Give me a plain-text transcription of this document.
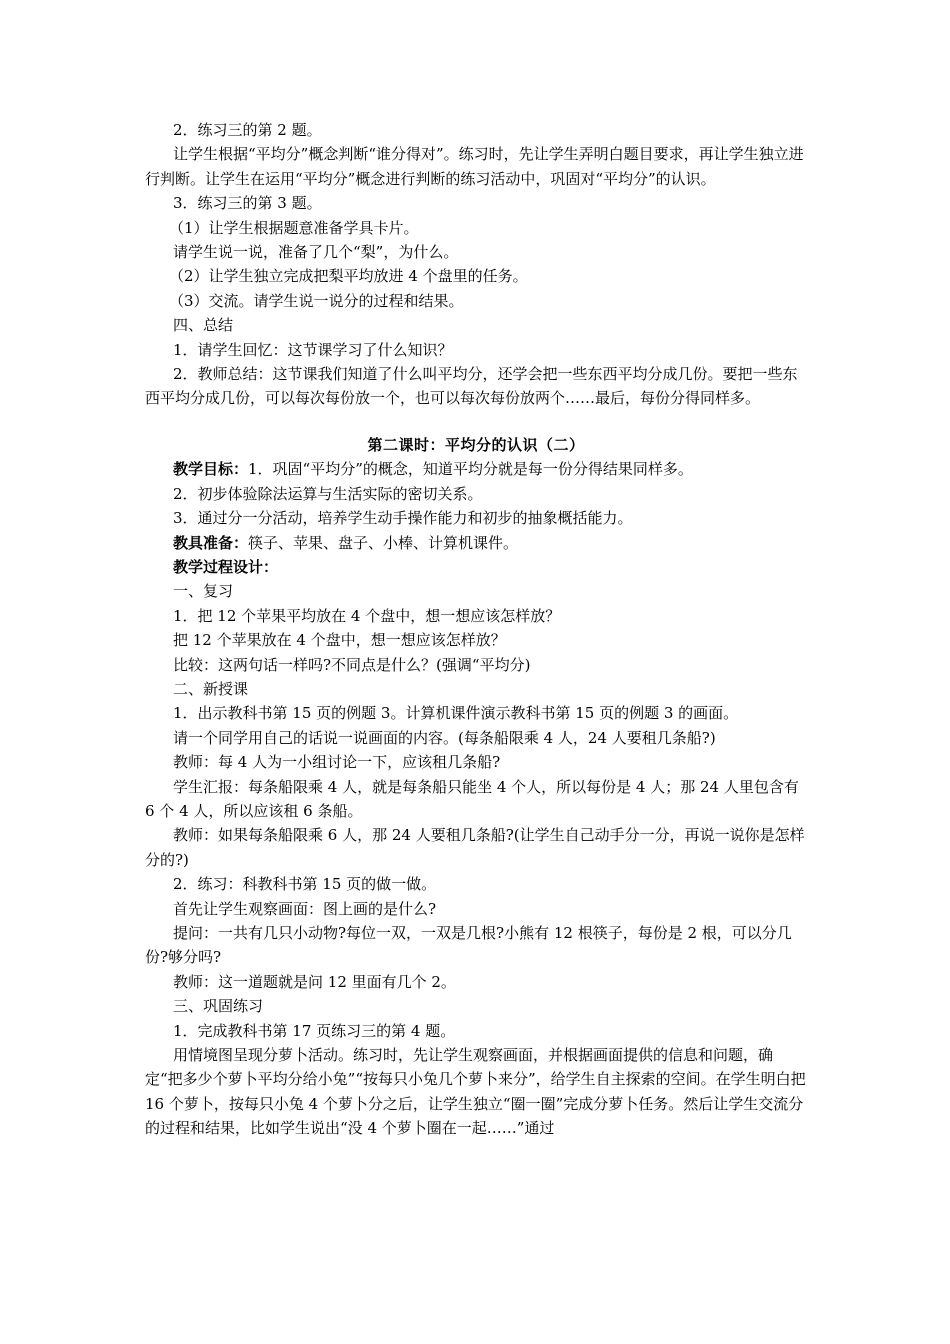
2．练习三的第 2 题。

让学生根据“平均分”概念判断“谁分得对”。练习时，先让学生弄明白题目要求，再让学生独立进行判断。让学生在运用“平均分”概念进行判断的练习活动中，巩固对“平均分”的认识。

3．练习三的第 3 题。

（1）让学生根据题意准备学具卡片。

请学生说一说，准备了几个“梨”，为什么。

（2）让学生独立完成把梨平均放进 4 个盘里的任务。

（3）交流。请学生说一说分的过程和结果。

四、总结

1．请学生回忆：这节课学习了什么知识？

2．教师总结：这节课我们知道了什么叫平均分，还学会把一些东西平均分成几份。要把一些东西平均分成几份，可以每次每份放一个，也可以每次每份放两个……最后，每份分得同样多。

第二课时：平均分的认识（二）

教学目标：1．巩固“平均分”的概念，知道平均分就是每一份分得结果同样多。

2．初步体验除法运算与生活实际的密切关系。

3．通过分一分活动，培养学生动手操作能力和初步的抽象概括能力。

教具准备：筷子、苹果、盘子、小棒、计算机课件。

教学过程设计：

一、复习

1．把 12 个苹果平均放在 4 个盘中，想一想应该怎样放？

把 12 个苹果放在 4 个盘中，想一想应该怎样放？

比较：这两句话一样吗?不同点是什么？(强调“平均分)

二、新授课

1．出示教科书第 15 页的例题 3。计算机课件演示教科书第 15 页的例题 3 的画面。

请一个同学用自己的话说一说画面的内容。(每条船限乘 4 人，24 人要租几条船?)

教师：每 4 人为一小组讨论一下，应该租几条船?

学生汇报：每条船限乘 4 人，就是每条船只能坐 4 个人，所以每份是 4 人；那 24 人里包含有 6 个 4 人，所以应该租 6 条船。

教师：如果每条船限乘 6 人，那 24 人要租几条船?(让学生自己动手分一分，再说一说你是怎样分的?)

2．练习：科教科书第 15 页的做一做。

首先让学生观察画面：图上画的是什么?

提问：一共有几只小动物?每位一双，一双是几根?小熊有 12 根筷子，每份是 2 根，可以分几份?够分吗?

教师：这一道题就是问 12 里面有几个 2。

三、巩固练习

1．完成教科书第 17 页练习三的第 4 题。

用情境图呈现分萝卜活动。练习时，先让学生观察画面，并根据画面提供的信息和问题，确定“把多少个萝卜平均分给小兔”“按每只小兔几个萝卜来分”，给学生自主探索的空间。在学生明白把 16 个萝卜，按每只小兔 4 个萝卜分之后，让学生独立“圈一圈”完成分萝卜任务。然后让学生交流分的过程和结果，比如学生说出“没 4 个萝卜圈在一起……”通过
